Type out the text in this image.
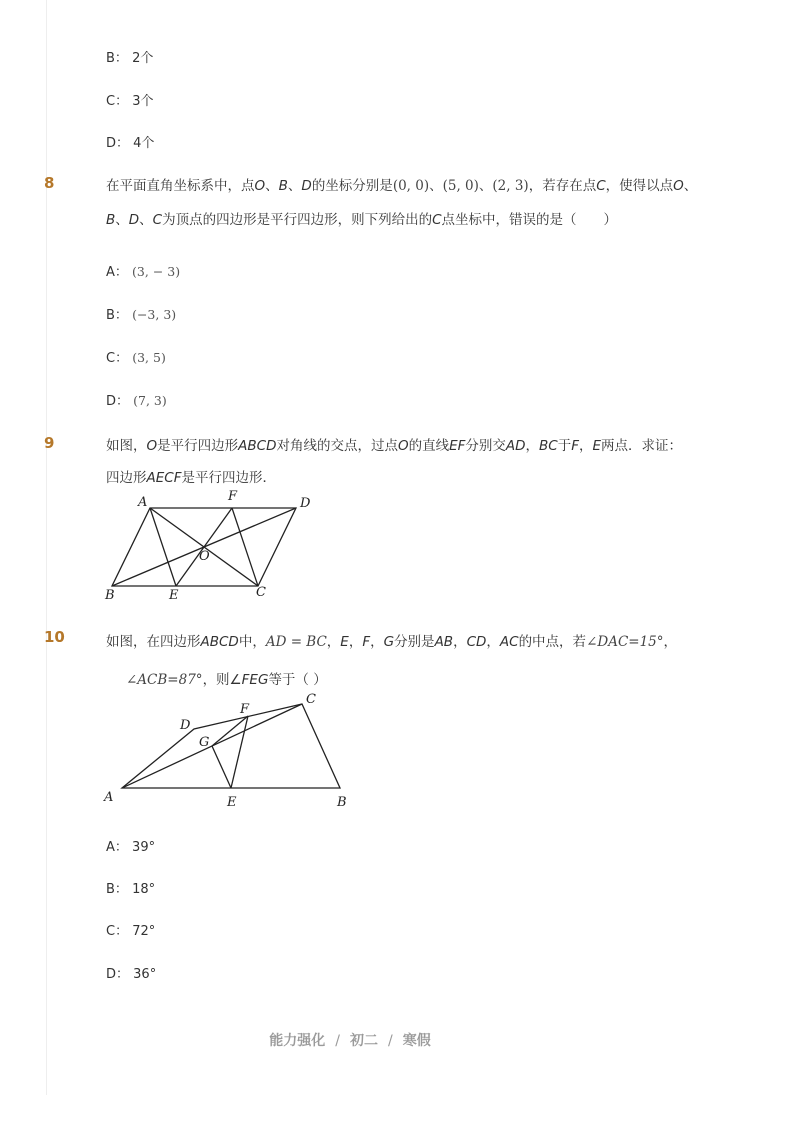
B： 2个
C： 3个
D： 4个
8	在平面直角坐标系中，点O、B、D的坐标分别是(0, 0)、(5, 0)、(2, 3)，若存在点C，使得以点O、
B、D、C为顶点的四边形是平行四边形，则下列给出的C点坐标中，错误的是（　　）
A： (3, − 3)
B： (−3, 3)
C： (3, 5)
D： (7, 3)
9	如图，O是平行四边形ABCD对角线的交点，过点O的直线EF分别交AD，BC于F，E两点．求证：
四边形AECF是平行四边形．
A	F	D
O
B	E	C
10	如图，在四边形ABCD中，AD = BC，E，F，G分别是AB，CD，AC的中点，若∠DAC=15°，
∠ACB=87°，则∠FEG等于（ ）
D
F
C
G
A	E	B
A： 39°
B： 18°
C： 72°
D： 36°
能力强化 / 初二 / 寒假
